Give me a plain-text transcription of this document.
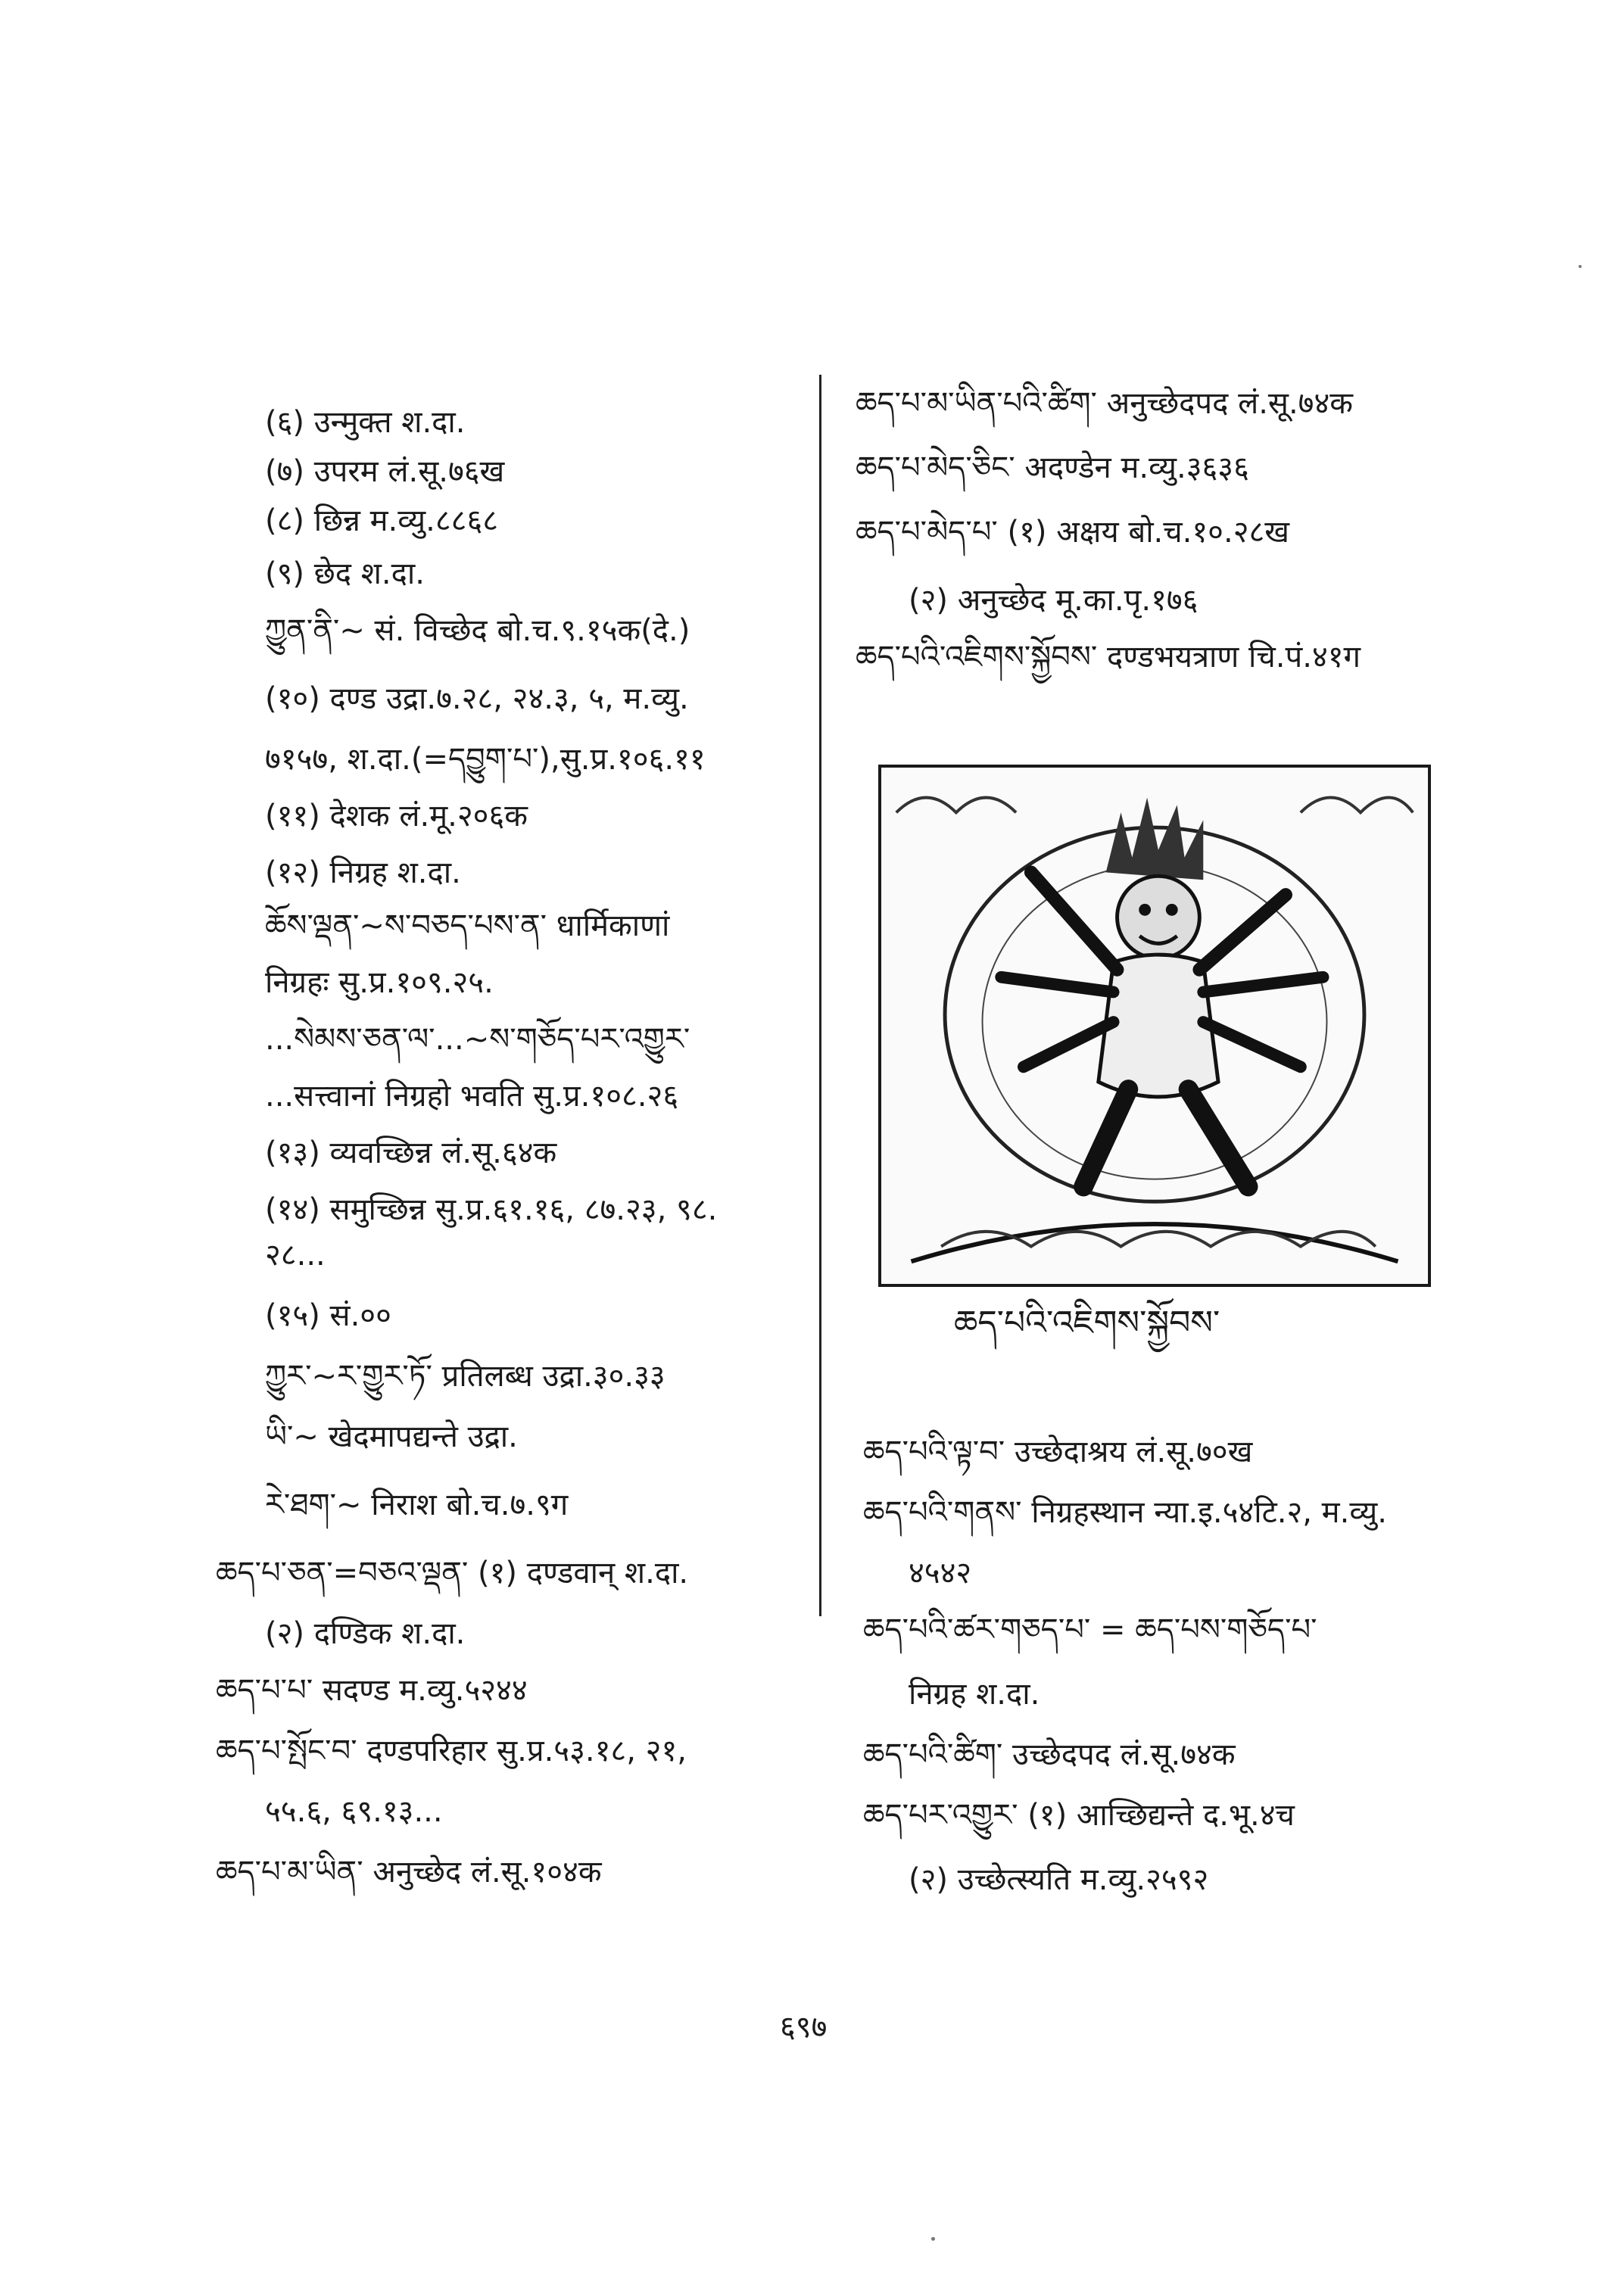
(६) उन्मुक्त श.दा.
(७) उपरम लं.सू.७६ख
(८) छिन्न म.व्यु.८८६८
(९) छेद श.दा.
ཀྱུན་ནི་~ सं. विच्छेद बो.च.९.१५क(दे.)
(१०) दण्ड उद्रा.७.२८, २४.३, ५, म.व्यु.
७१५७, श.दा.(=དབྱུག་པ་),सु.प्र.१०६.११
(११) देशक लं.मू.२०६क
(१२) निग्रह श.दा.
ཆོས་ལྡན་~ས་བཅད་པས་ན་ धार्मिकाणां
निग्रहः सु.प्र.१०९.२५.
...སེམས་ཅན་ལ་...~ས་གཅོད་པར་འགྱུར་
...सत्त्वानां निग्रहो भवति सु.प्र.१०८.२६
(१३) व्यवच्छिन्न लं.सू.६४क
(१४) समुच्छिन्न सु.प्र.६१.१६, ८७.२३, ९८.
२८...
(१५) सं.००
ཀྱུར་~ར་གྱུར་ཏོ་ प्रतिलब्ध उद्रा.३०.३३
ཡི་~ खेदमापद्यन्ते उद्रा.
རེ་ཐག་~ निराश बो.च.७.९ग
ཆད་པ་ཅན་=བཅའ་ལྡན་ (१) दण्डवान् श.दा.
(२) दण्डिक श.दा.
ཆད་པ་པ་ सदण्ड म.व्यु.५२४४
ཆད་པ་སྤོང་བ་ दण्डपरिहार सु.प्र.५३.१८, २१,
५५.६, ६९.१३...
ཆད་པ་མ་ཡིན་ अनुच्छेद लं.सू.१०४क
ཆད་པ་མ་ཡིན་པའི་ཚིག་ अनुच्छेदपद लं.सू.७४क
ཆད་པ་མེད་ཅིང་ अदण्डेन म.व्यु.३६३६
ཆད་པ་མེད་པ་ (१) अक्षय बो.च.१०.२८ख
(२) अनुच्छेद मू.का.पृ.१७६
ཆད་པའི་འཇིགས་སྐྱོབས་ दण्डभयत्राण चि.पं.४१ग
ཆད་པའི་འཇིགས་སྐྱོབས་
ཆད་པའི་ལྟ་བ་ उच्छेदाश्रय लं.सू.७०ख
ཆད་པའི་གནས་ निग्रहस्थान न्या.इ.५४टि.२, म.व्यु.
४५४२
ཆད་པའི་ཚར་གཅད་པ་ = ཆད་པས་གཅོད་པ་
निग्रह श.दा.
ཆད་པའི་ཚིག་ उच्छेदपद लं.सू.७४क
ཆད་པར་འགྱུར་ (१) आच्छिद्यन्ते द.भू.४च
(२) उच्छेत्स्यति म.व्यु.२५९२
६९७
